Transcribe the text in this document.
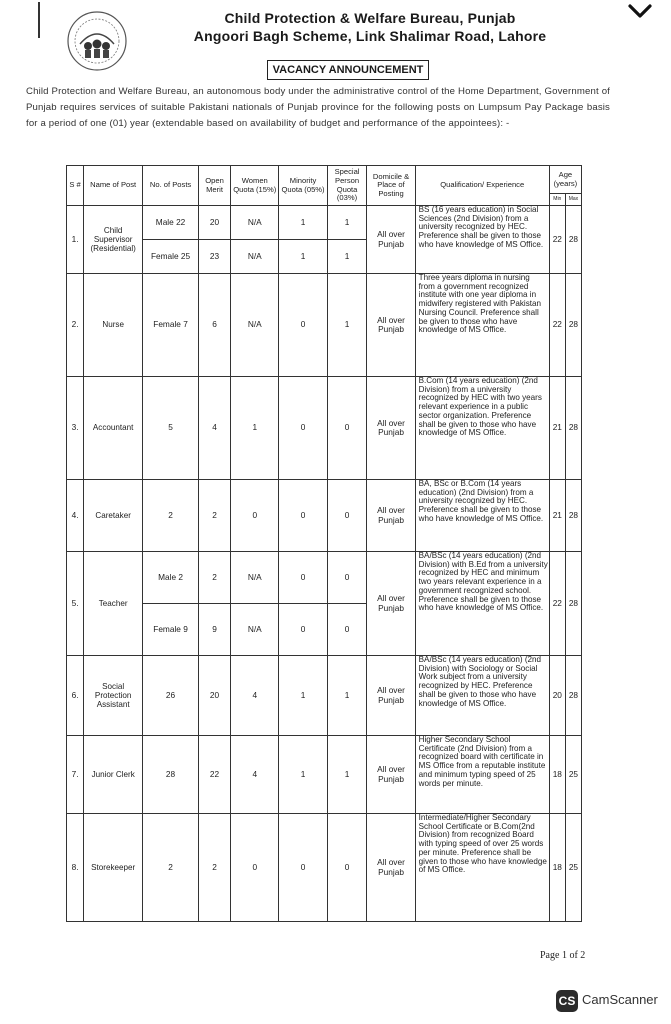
Child Protection & Welfare Bureau, Punjab
Angoori Bagh Scheme, Link Shalimar Road, Lahore
VACANCY ANNOUNCEMENT
Child Protection and Welfare Bureau, an autonomous body under the administrative control of the Home Department, Government of Punjab requires services of suitable Pakistani nationals of Punjab province for the following posts on Lumpsum Pay Package basis for a period of one (01) year (extendable based on availability of budget and performance of the appointees): -
S #	Name of Post	No. of Posts	Open Merit	Women Quota (15%)	Minority Quota (05%)	Special Person Quota (03%)	Domicile & Place of Posting	Qualification/ Experience	Age (years)	
									Min	Max
1.	Child Supervisor (Residential)	Male 22	20	N/A	1	1	All over Punjab	BS (16 years education) in Social Sciences (2nd Division) from a university recognized by HEC. Preference shall be given to those who have knowledge of MS Office.	22	28
		Female 25	23	N/A	1	1				
2.	Nurse	Female 7	6	N/A	0	1	All over Punjab	Three years diploma in nursing from a government recognized institute with one year diploma in midwifery registered with Pakistan Nursing Council. Preference shall be given to those who have knowledge of MS Office.	22	28
3.	Accountant	5	4	1	0	0	All over Punjab	B.Com (14 years education) (2nd Division) from a university recognized by HEC with two years relevant experience in a public sector organization. Preference shall be given to those who have knowledge of MS Office.	21	28
4.	Caretaker	2	2	0	0	0	All over Punjab	BA, BSc or B.Com (14 years education) (2nd Division) from a university recognized by HEC. Preference shall be given to those who have knowledge of MS Office.	21	28
5.	Teacher	Male 2	2	N/A	0	0	All over Punjab	BA/BSc (14 years education) (2nd Division) with B.Ed from a university recognized by HEC and minimum two years relevant experience in a government recognized school. Preference shall be given to those who have knowledge of MS Office.	22	28
		Female 9	9	N/A	0	0				
6.	Social Protection Assistant	26	20	4	1	1	All over Punjab	BA/BSc (14 years education) (2nd Division) with Sociology or Social Work subject from a university recognized by HEC. Preference shall be given to those who have knowledge of MS Office.	20	28
7.	Junior Clerk	28	22	4	1	1	All over Punjab	Higher Secondary School Certificate (2nd Division) from a recognized board with certificate in MS Office from a reputable institute and minimum typing speed of 25 words per minute.	18	25
8.	Storekeeper	2	2	0	0	0	All over Punjab	Intermediate/Higher Secondary School Certificate or B.Com(2nd Division) from recognized Board with typing speed of over 25 words per minute. Preference shall be given to those who have knowledge of MS Office.	18	25
Page 1 of 2
CS CamScanner
